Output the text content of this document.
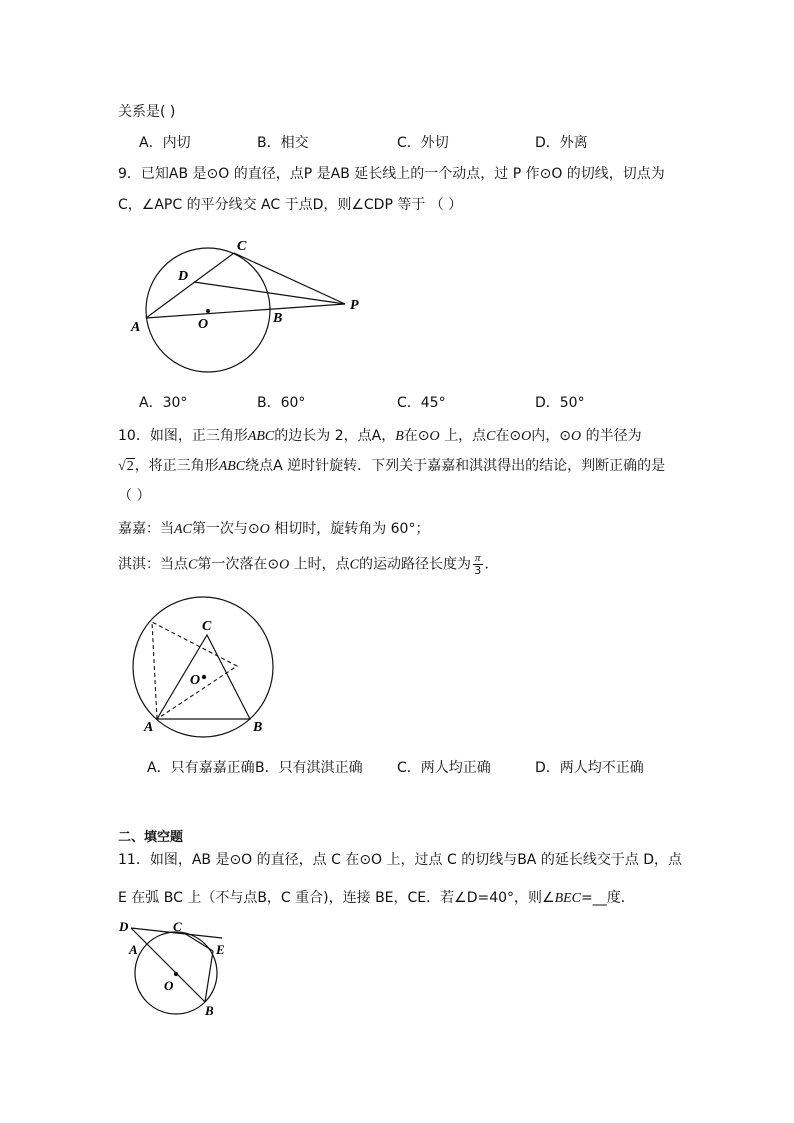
关系是( )
A．内切	B．相交	C．外切	D．外离
9．已知AB 是⊙O 的直径，点P 是AB 延长线上的一个动点，过 P 作⊙O 的切线，切点为
C，∠APC 的平分线交 AC 于点D，则∠CDP 等于 （ ）
C
D
A	O	B
P
A．30°	B．60°	C．45°	D．50°
10．如图，正三角形ABC的边长为 2，点A，B在⊙O 上，点C在⊙O内，⊙O 的半径为
√2，将正三角形ABC绕点A 逆时针旋转．下列关于嘉嘉和淇淇得出的结论，判断正确的是
（ ）
嘉嘉：当AC第一次与⊙O 相切时，旋转角为 60°；
淇淇：当点C第一次落在⊙O 上时，点C的运动路径长度为 $\frac{\pi}{3}$ ．
C
O
A	B
A．只有嘉嘉正确 B．只有淇淇正确 C．两人均正确	D．两人均不正确
二、填空题
11．如图，AB 是⊙O 的直径，点 C 在⊙O 上，过点 C 的切线与BA 的延长线交于点 D，点
E 在弧 BC 上（不与点B，C 重合)，连接 BE，CE．若∠D=40°，则∠BEC=__度．
D	C
A	E
O
B
